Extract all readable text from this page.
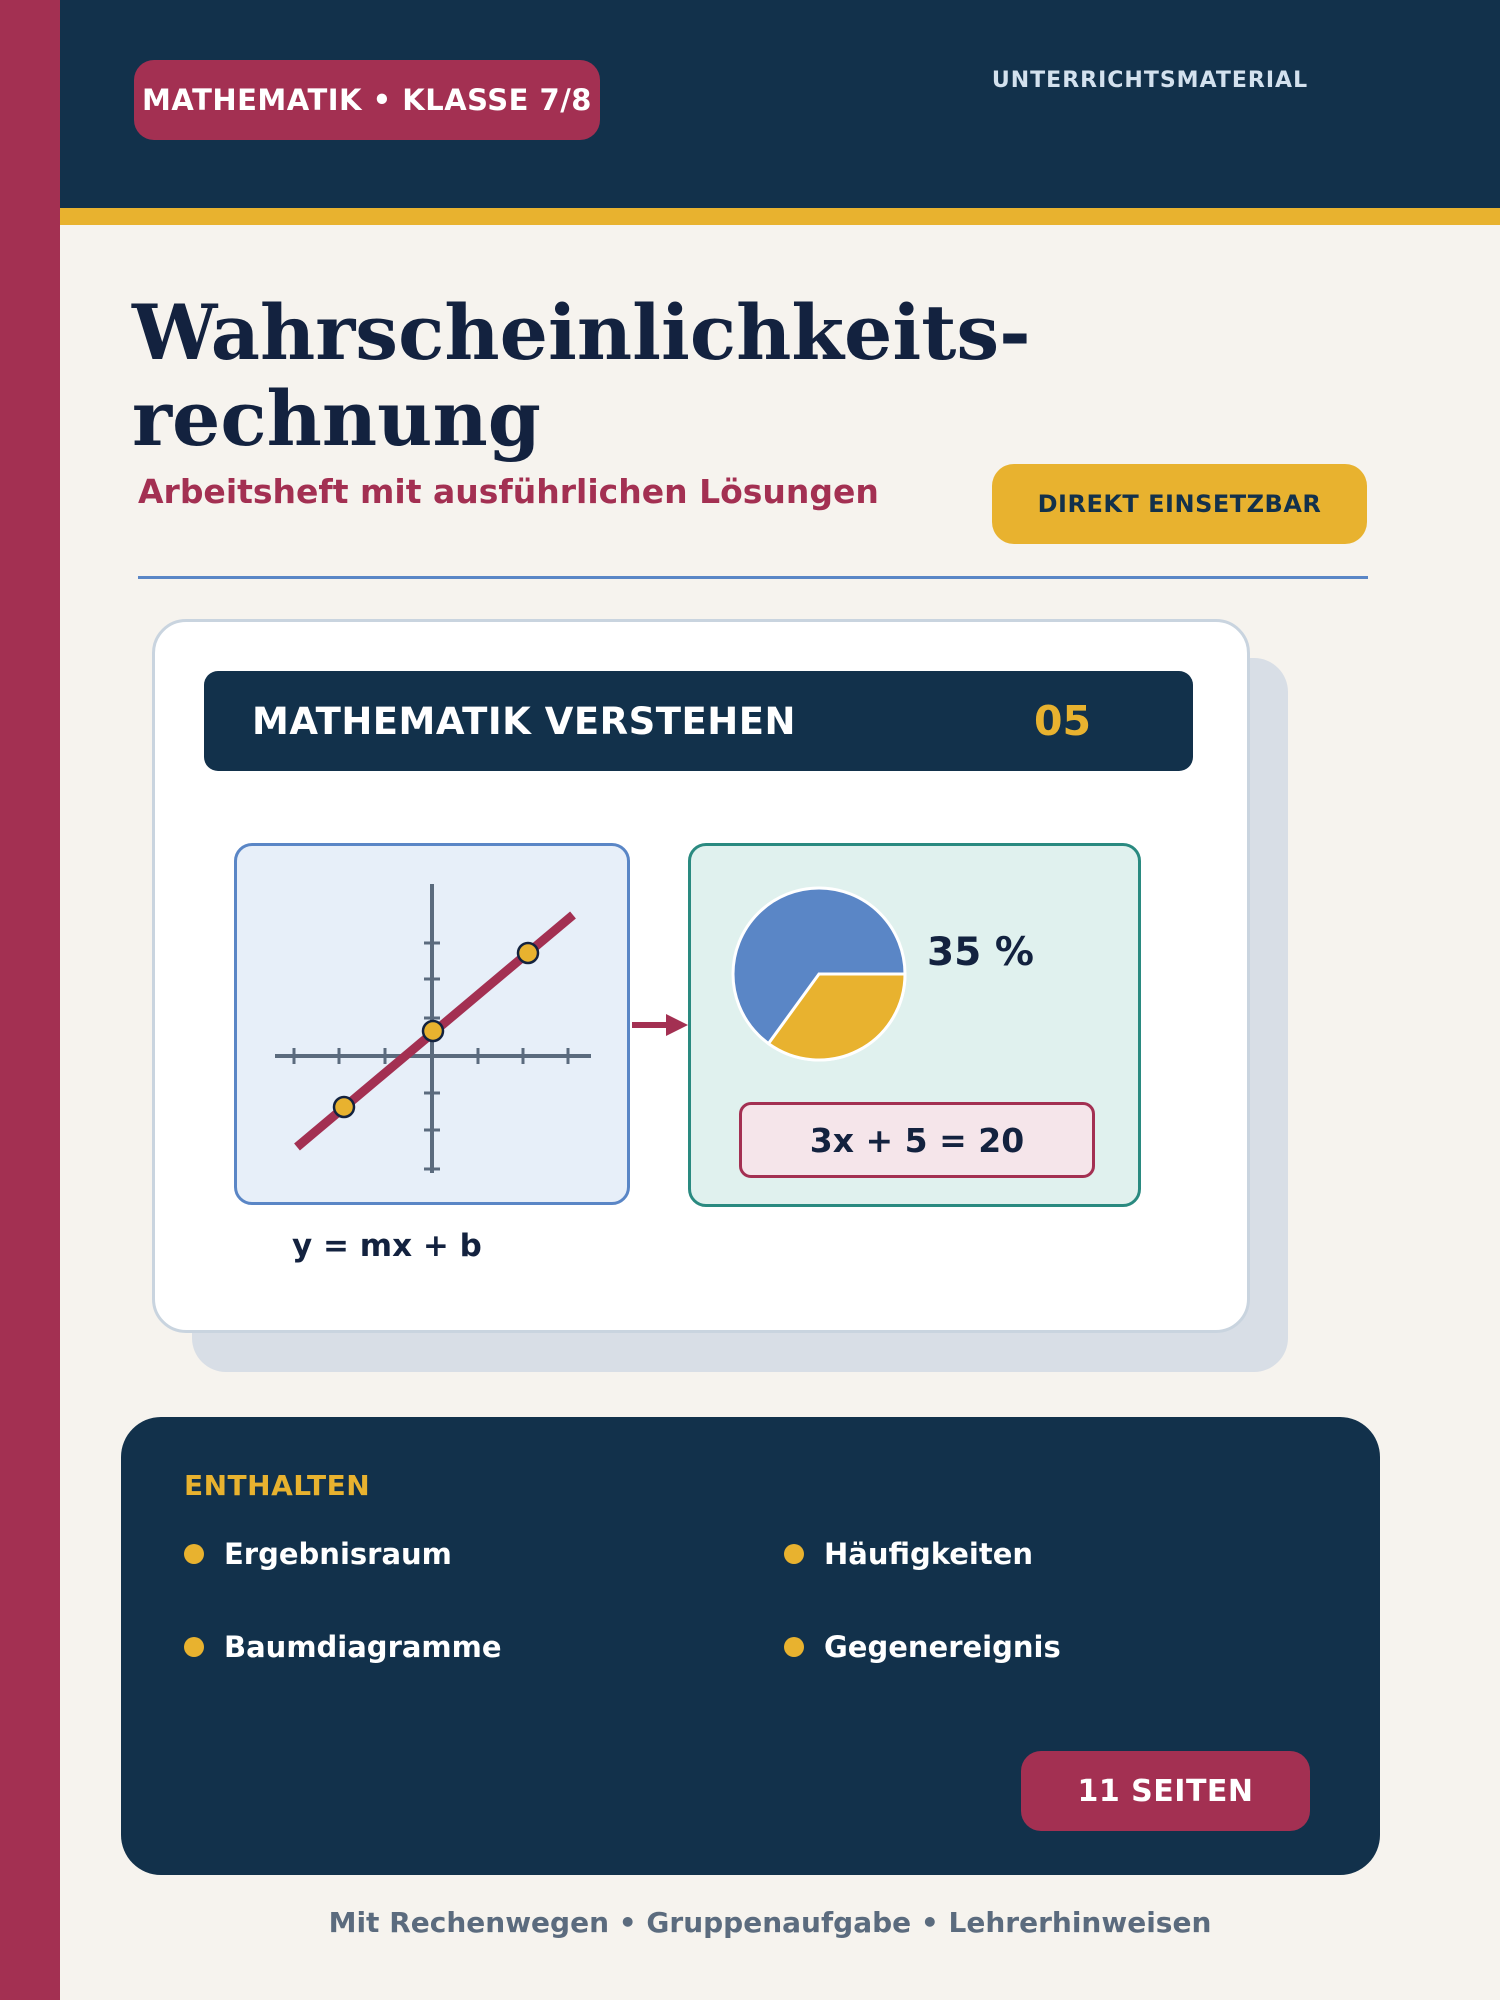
MATHEMATIK • KLASSE 7/8
UNTERRICHTSMATERIAL
Wahrscheinlichkeits-
rechnung
Arbeitsheft mit ausführlichen Lösungen	DIREKT EINSETZBAR
MATHEMATIK VERSTEHEN	05
y = mx + b
35 %
3x + 5 = 20
ENTHALTEN
Ergebnisraum	Häufigkeiten
Baumdiagramme	Gegenereignis
11 SEITEN
Mit Rechenwegen • Gruppenaufgabe • Lehrerhinweisen
